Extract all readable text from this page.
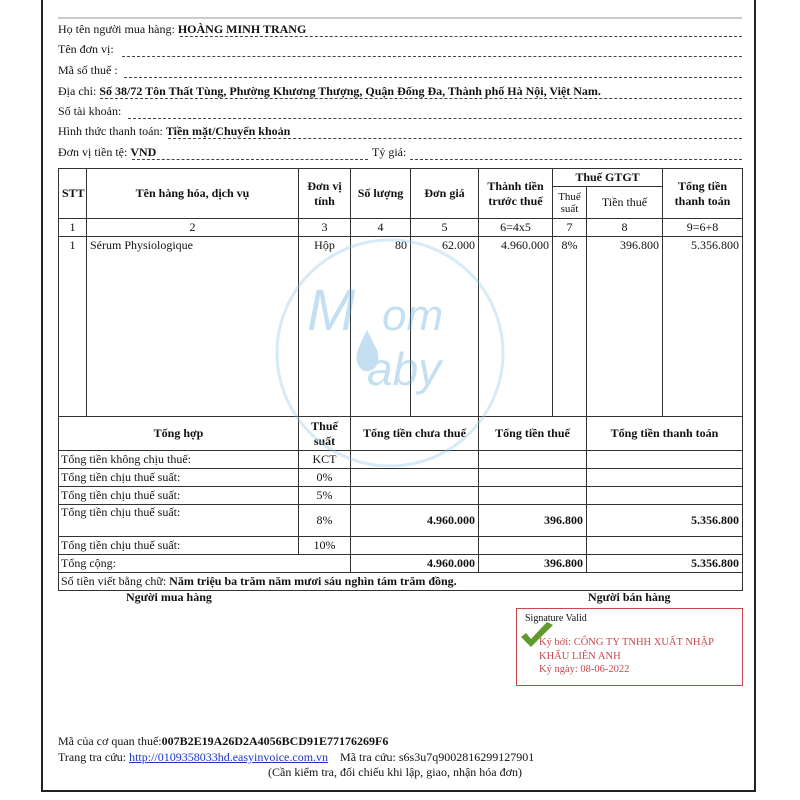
Họ tên người mua hàng: HOÀNG MINH TRANG
Tên đơn vị:
Mã số thuế :
Địa chỉ: Số 38/72 Tôn Thất Tùng, Phường Khương Thượng, Quận Đống Đa, Thành phố Hà Nội, Việt Nam.
Số tài khoản:
Hình thức thanh toán: Tiền mặt/Chuyển khoản
Đơn vị tiền tệ: VND	Tỷ giá:
STT	Tên hàng hóa, dịch vụ	Đơn vị tính	Số lượng	Đơn giá	Thành tiền trước thuế	Thuế GTGT		Tổng tiền thanh toán
						Thuế suất	Tiền thuế	
1	2	3	4	5	6=4x5	7	8	9=6+8
1	Sérum Physiologique	Hộp	80	62.000	4.960.000	8%	396.800	5.356.800
Tổng hợp		Thuế suất	Tổng tiền chưa thuế		Tổng tiền thuế		Tổng tiền thanh toán	
Tổng tiền không chịu thuế:		KCT						
Tổng tiền chịu thuế suất:		0%						
Tổng tiền chịu thuế suất:		5%						
Tổng tiền chịu thuế suất:		8%	4.960.000		396.800		5.356.800	
Tổng tiền chịu thuế suất:		10%						
Tổng cộng:			4.960.000		396.800		5.356.800	
Số tiền viết bằng chữ: Năm triệu ba trăm năm mươi sáu nghìn tám trăm đồng.								
M om
aby
Người mua hàng	Người bán hàng
Signature Valid
Ký bởi: CÔNG TY TNHH XUẤT NHẬP KHẨU LIÊN ANH
Ký ngày: 08-06-2022
Mã của cơ quan thuế:007B2E19A26D2A4056BCD91E77176269F6
Trang tra cứu: http://0109358033hd.easyinvoice.com.vn Mã tra cứu: s6s3u7q9002816299127901
(Cần kiểm tra, đối chiếu khi lập, giao, nhận hóa đơn)
